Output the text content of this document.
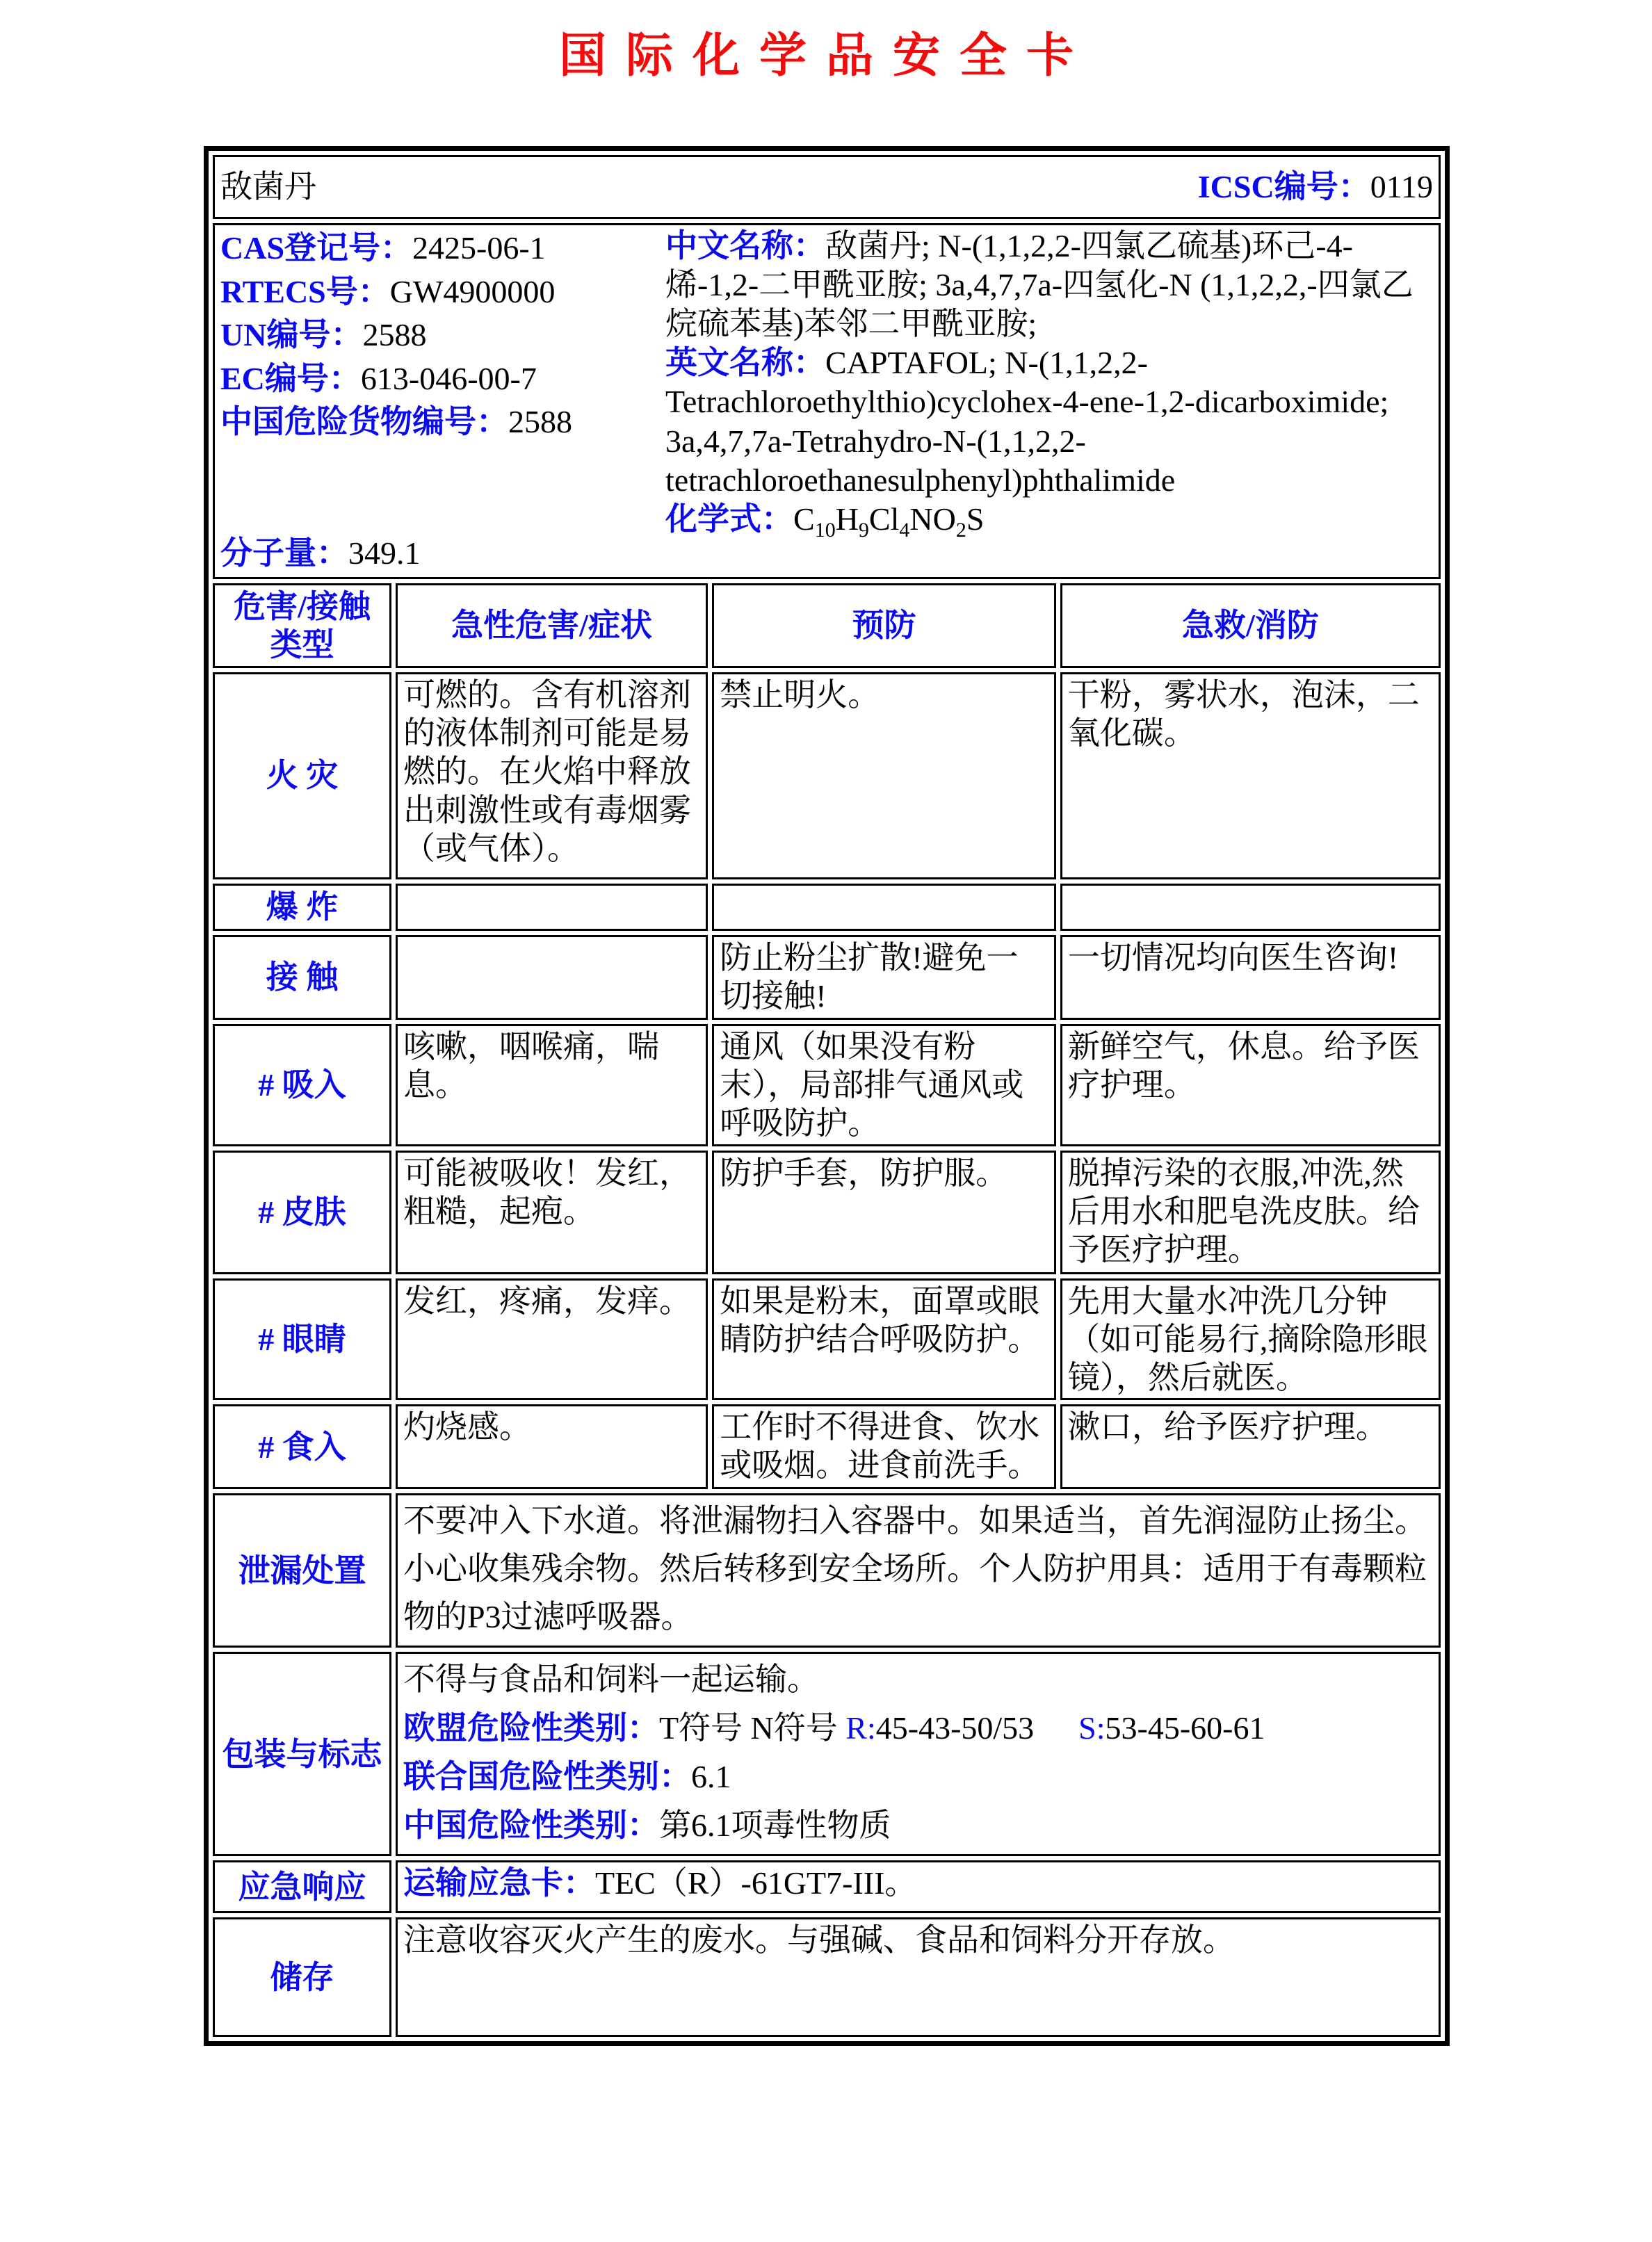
国际化学品安全卡
敌菌丹 ICSC编号：0119			

CAS登记号：2425-06-1
RTECS号：GW4900000
UN编号：2588
EC编号：613-046-00-7
中国危险货物编号：2588
分子量：349.1
中文名称：敌菌丹; N-(1,1,2,2-四氯乙硫基)环己-4-烯-1,2-二甲酰亚胺; 3a,4,7,7a-四氢化-N (1,1,2,2,-四氯乙烷硫苯基)苯邻二甲酰亚胺;
英文名称：CAPTAFOL; N-(1,1,2,2-Tetrachloroethylthio)cyclohex-4-ene-1,2-dicarboximide; 3a,4,7,7a-Tetrahydro-N-(1,1,2,2-tetrachloroethanesulphenyl)phthalimide
化学式：$C_{10}H_9Cl_4NO_2S$

危害/接触类型	急性危害/症状	预防	急救/消防
火 灾	可燃的。含有机溶剂的液体制剂可能是易燃的。在火焰中释放出刺激性或有毒烟雾（或气体）。	禁止明火。	干粉，雾状水，泡沫，二氧化碳。
爆 炸			
接 触		防止粉尘扩散!避免一切接触!	一切情况均向医生咨询!
# 吸入	咳嗽，咽喉痛，喘息。	通风（如果没有粉末），局部排气通风或呼吸防护。	新鲜空气，休息。给予医疗护理。
# 皮肤	可能被吸收！发红，粗糙，起疱。	防护手套，防护服。	脱掉污染的衣服,冲洗,然后用水和肥皂洗皮肤。给予医疗护理。
# 眼睛	发红，疼痛，发痒。	如果是粉末，面罩或眼睛防护结合呼吸防护。	先用大量水冲洗几分钟（如可能易行,摘除隐形眼镜），然后就医。
# 食入	灼烧感。	工作时不得进食、饮水或吸烟。进食前洗手。	漱口，给予医疗护理。
泄漏处置	不要冲入下水道。将泄漏物扫入容器中。如果适当，首先润湿防止扬尘。小心收集残余物。然后转移到安全场所。个人防护用具：适用于有毒颗粒物的P3过滤呼吸器。		
包装与标志	不得与食品和饲料一起运输。
欧盟危险性类别：T符号 N符号 R:45-43-50/53 S:53-45-60-61
联合国危险性类别：6.1
中国危险性类别：第6.1项毒性物质		

应急响应	运输应急卡：TEC（R）-61GT7-III。		
储存	注意收容灭火产生的废水。与强碱、食品和饲料分开存放。		
